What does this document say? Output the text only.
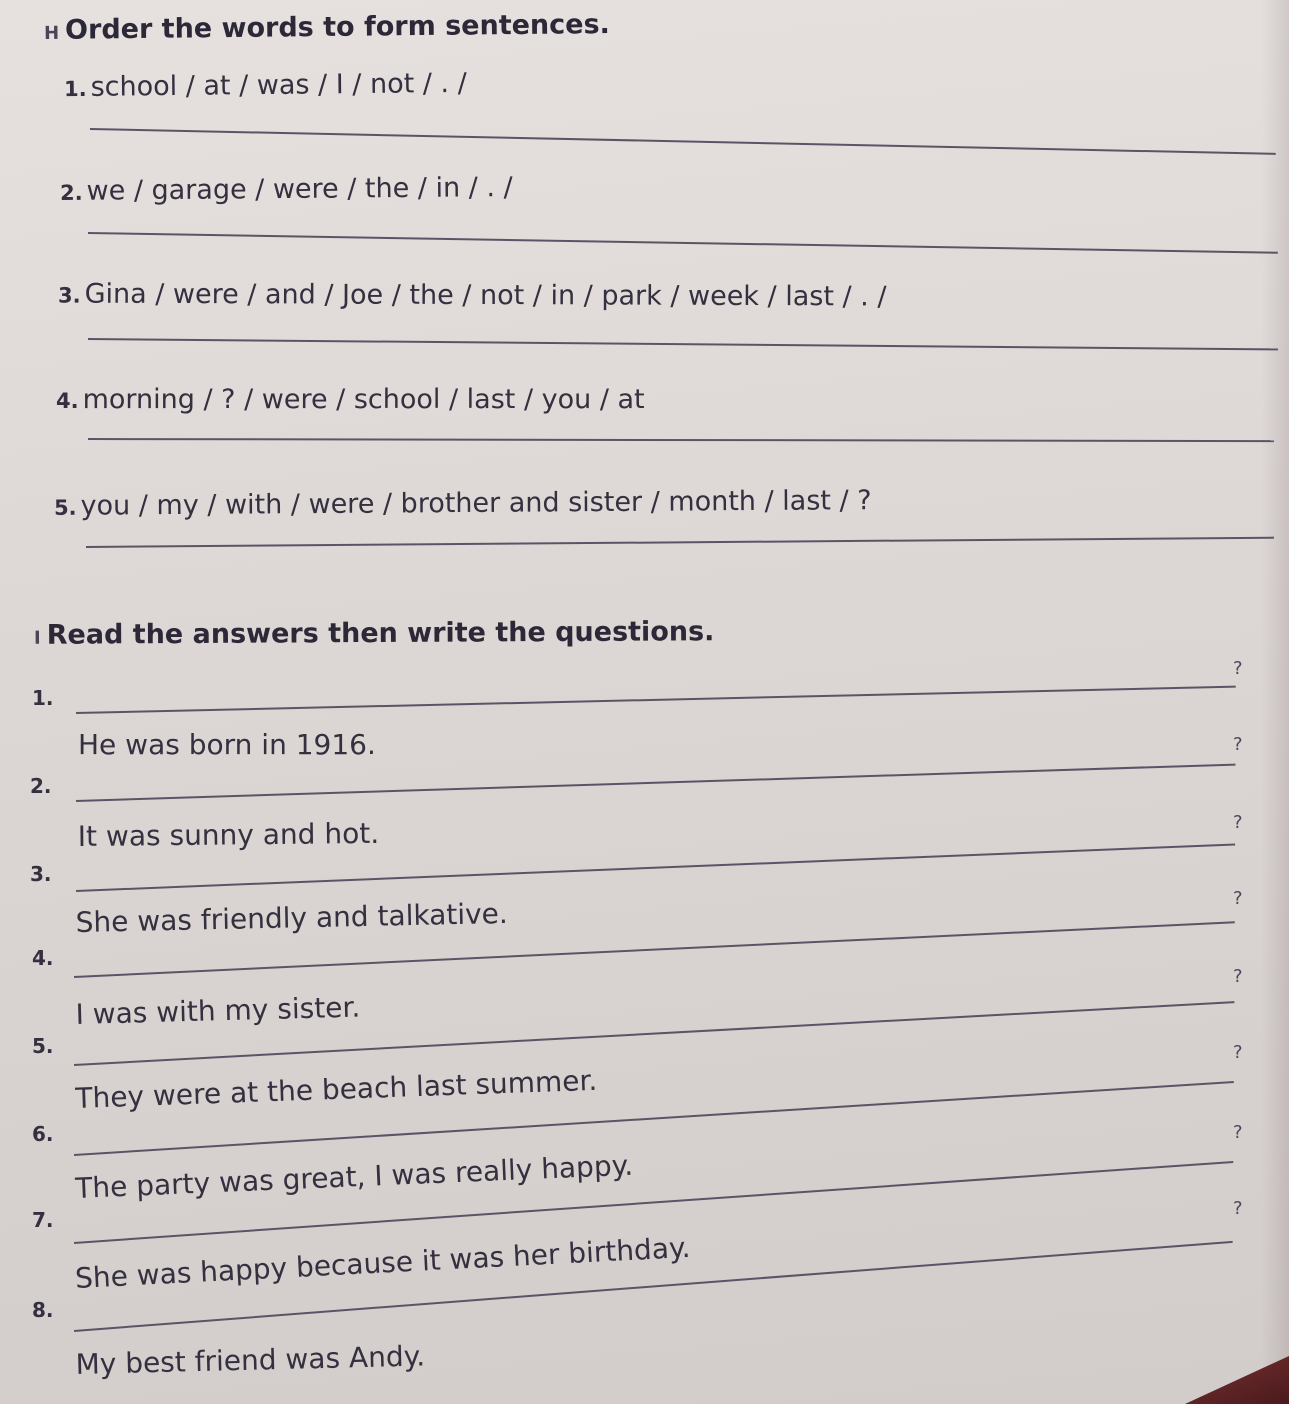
H Order the words to form sentences.
1. school / at / was / I / not / . /
2. we / garage / were / the / in / . /
3. Gina / were / and / Joe / the / not / in / park / week / last / . /
4. morning / ? / were / school / last / you / at
5. you / my / with / were / brother and sister / month / last / ?
I Read the answers then write the questions.
1.
?
He was born in 1916.
2.
?
It was sunny and hot.
3.
?
She was friendly and talkative.
4.
?
I was with my sister.
5.
?
They were at the beach last summer.
6.
?
The party was great, I was really happy.
7.
?
She was happy because it was her birthday.
8.
?
My best friend was Andy.
